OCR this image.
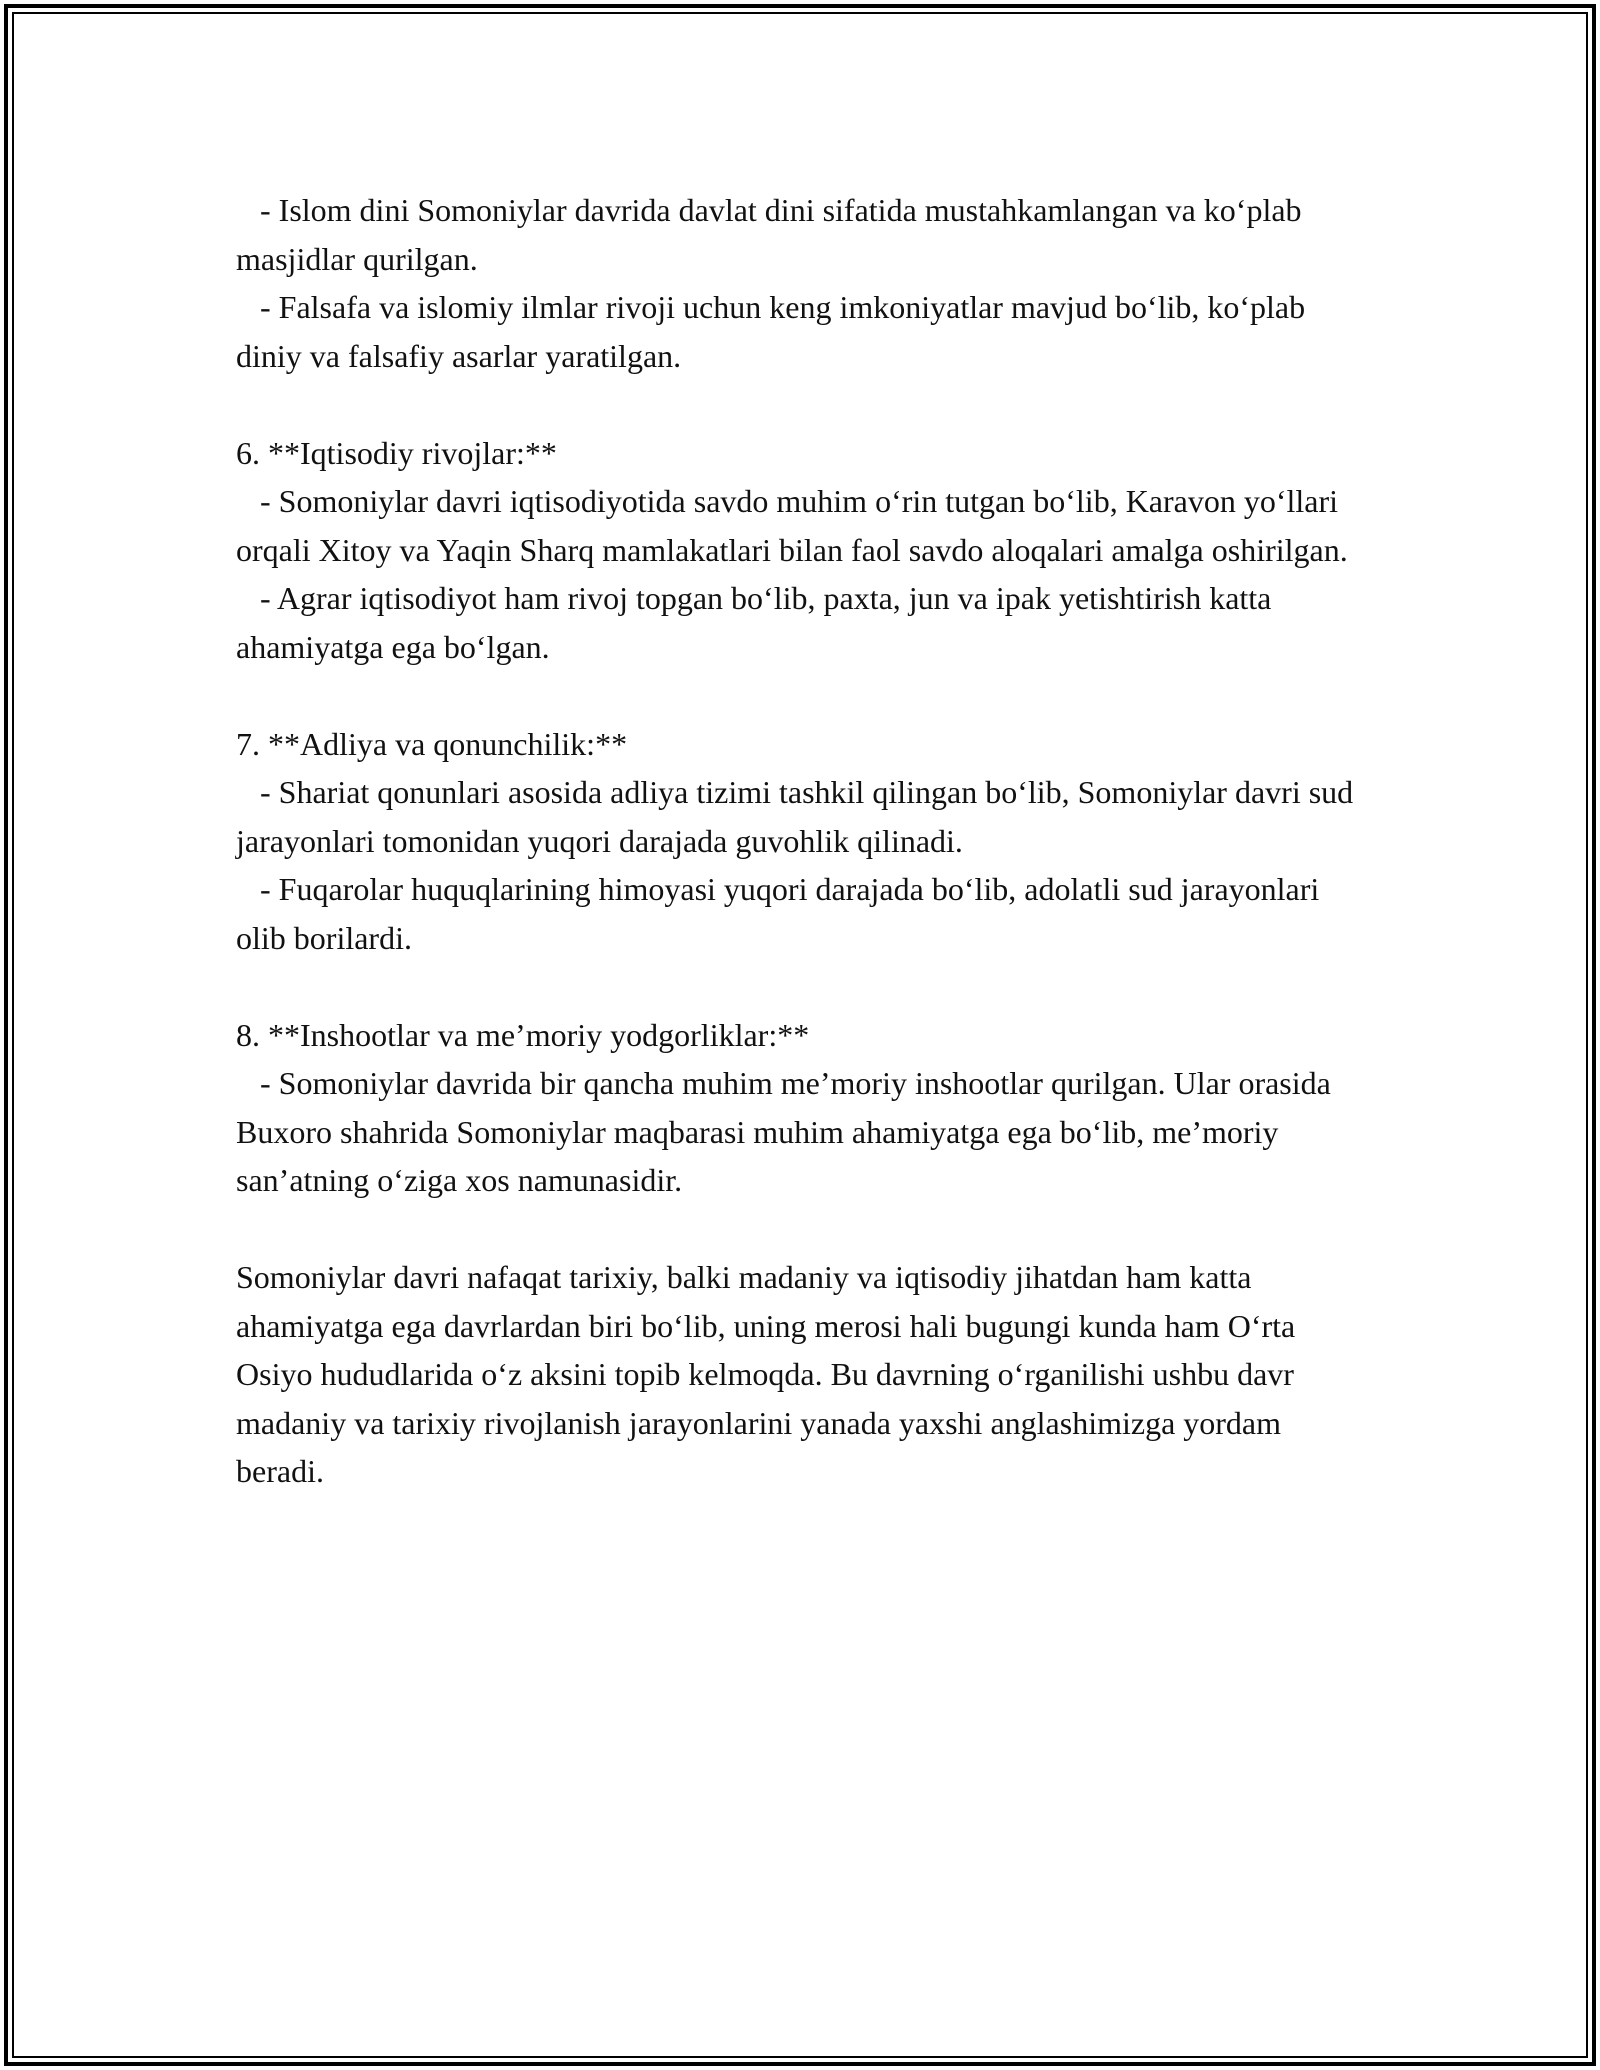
- Islom dini Somoniylar davrida davlat dini sifatida mustahkamlangan va ko‘plab masjidlar qurilgan.

- Falsafa va islomiy ilmlar rivoji uchun keng imkoniyatlar mavjud bo‘lib, ko‘plab diniy va falsafiy asarlar yaratilgan.

6. **Iqtisodiy rivojlar:**

- Somoniylar davri iqtisodiyotida savdo muhim o‘rin tutgan bo‘lib, Karavon yo‘llari orqali Xitoy va Yaqin Sharq mamlakatlari bilan faol savdo aloqalari amalga oshirilgan.

- Agrar iqtisodiyot ham rivoj topgan bo‘lib, paxta, jun va ipak yetishtirish katta ahamiyatga ega bo‘lgan.

7. **Adliya va qonunchilik:**

- Shariat qonunlari asosida adliya tizimi tashkil qilingan bo‘lib, Somoniylar davri sud jarayonlari tomonidan yuqori darajada guvohlik qilinadi.

- Fuqarolar huquqlarining himoyasi yuqori darajada bo‘lib, adolatli sud jarayonlari olib borilardi.

8. **Inshootlar va me’moriy yodgorliklar:**

- Somoniylar davrida bir qancha muhim me’moriy inshootlar qurilgan. Ular orasida Buxoro shahrida Somoniylar maqbarasi muhim ahamiyatga ega bo‘lib, me’moriy san’atning o‘ziga xos namunasidir.

Somoniylar davri nafaqat tarixiy, balki madaniy va iqtisodiy jihatdan ham katta ahamiyatga ega davrlardan biri bo‘lib, uning merosi hali bugungi kunda ham O‘rta Osiyo hududlarida o‘z aksini topib kelmoqda. Bu davrning o‘rganilishi ushbu davr madaniy va tarixiy rivojlanish jarayonlarini yanada yaxshi anglashimizga yordam beradi.
